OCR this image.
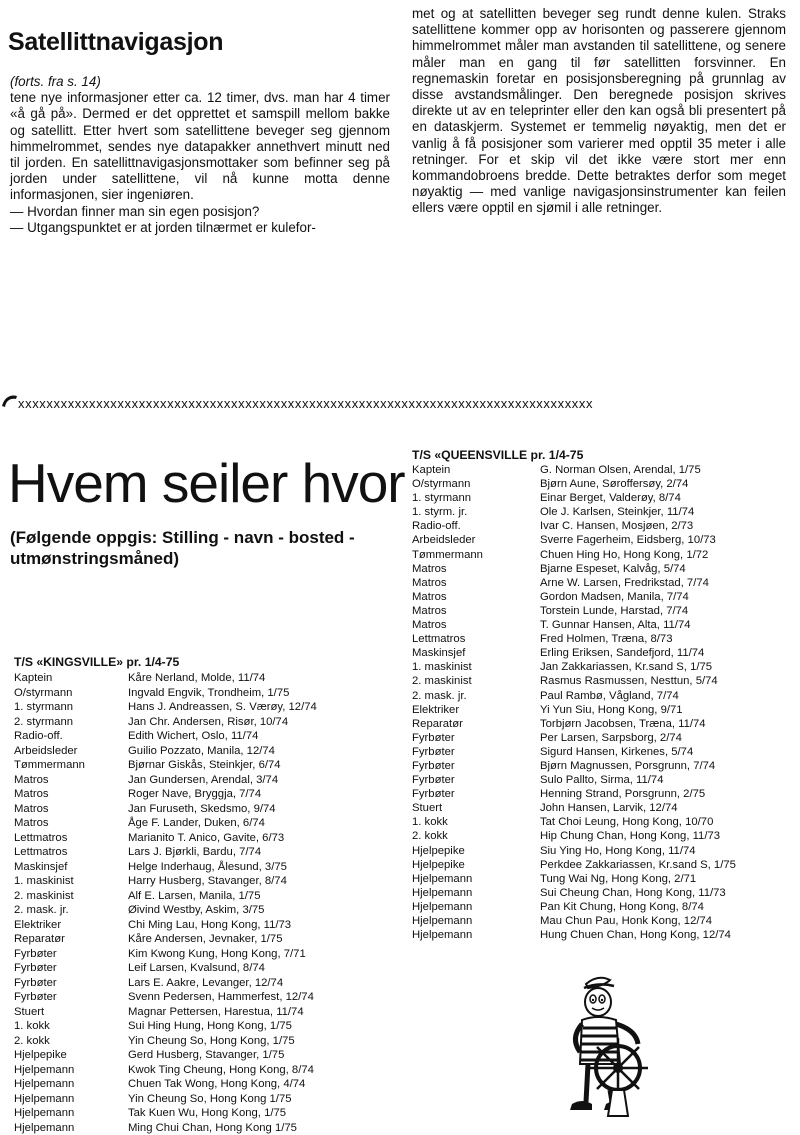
Satellittnavigasjon

(forts. fra s. 14)

tene nye informasjoner etter ca. 12 timer, dvs. man har 4 timer «å gå på». Dermed er det opprettet et samspill mellom bakke og satellitt. Etter hvert som satellittene beveger seg gjennom himmelrommet, sendes nye datapakker annethvert minutt ned til jorden. En satellittnavigasjonsmottaker som befinner seg på jorden under satellittene, vil nå kunne motta denne informasjonen, sier ingeniøren.

— Hvordan finner man sin egen posisjon?

— Utgangspunktet er at jorden tilnærmet er kulefor-

met og at satellitten beveger seg rundt denne kulen. Straks satellittene kommer opp av horisonten og passerere gjennom himmelrommet måler man avstanden til satellittene, og senere måler man en gang til før satellitten forsvinner. En regnemaskin foretar en posisjonsberegning på grunnlag av disse avstandsmålinger. Den beregnede posisjon skrives direkte ut av en teleprinter eller den kan også bli presentert på en dataskjerm. Systemet er temmelig nøyaktig, men det er vanlig å få posisjoner som varierer med opptil 35 meter i alle retninger. For et skip vil det ikke være stort mer enn kommandobroens bredde. Dette betraktes derfor som meget nøyaktig — med vanlige navigasjonsinstrumenter kan feilen ellers være opptil en sjømil i alle retninger.

xxxxxxxxxxxxxxxxxxxxxxxxxxxxxxxxxxxxxxxxxxxxxxxxxxxxxxxxxxxxxxxxxxxxxxxxxxxxxxxxx
Hvem seiler hvor
(Følgende oppgis: Stilling - navn - bosted - utmønstringsmåned)
T/S «KINGSVILLE» pr. 1/4-75
Kaptein	Kåre Nerland, Molde, 11/74
O/styrmann	Ingvald Engvik, Trondheim, 1/75
1. styrmann	Hans J. Andreassen, S. Værøy, 12/74
2. styrmann	Jan Chr. Andersen, Risør, 10/74
Radio-off.	Edith Wichert, Oslo, 11/74
Arbeidsleder	Guilio Pozzato, Manila, 12/74
Tømmermann	Bjørnar Giskås, Steinkjer, 6/74
Matros	Jan Gundersen, Arendal, 3/74
Matros	Roger Nave, Bryggja, 7/74
Matros	Jan Furuseth, Skedsmo, 9/74
Matros	Åge F. Lander, Duken, 6/74
Lettmatros	Marianito T. Anico, Gavite, 6/73
Lettmatros	Lars J. Bjørkli, Bardu, 7/74
Maskinsjef	Helge Inderhaug, Ålesund, 3/75
1. maskinist	Harry Husberg, Stavanger, 8/74
2. maskinist	Alf E. Larsen, Manila, 1/75
2. mask. jr.	Øivind Westby, Askim, 3/75
Elektriker	Chi Ming Lau, Hong Kong, 11/73
Reparatør	Kåre Andersen, Jevnaker, 1/75
Fyrbøter	Kim Kwong Kung, Hong Kong, 7/71
Fyrbøter	Leif Larsen, Kvalsund, 8/74
Fyrbøter	Lars E. Aakre, Levanger, 12/74
Fyrbøter	Svenn Pedersen, Hammerfest, 12/74
Stuert	Magnar Pettersen, Harestua, 11/74
1. kokk	Sui Hing Hung, Hong Kong, 1/75
2. kokk	Yin Cheung So, Hong Kong, 1/75
Hjelpepike	Gerd Husberg, Stavanger, 1/75
Hjelpemann	Kwok Ting Cheung, Hong Kong, 8/74
Hjelpemann	Chuen Tak Wong, Hong Kong, 4/74
Hjelpemann	Yin Cheung So, Hong Kong 1/75
Hjelpemann	Tak Kuen Wu, Hong Kong, 1/75
Hjelpemann	Ming Chui Chan, Hong Kong 1/75
T/S «QUEENSVILLE pr. 1/4-75
Kaptein	G. Norman Olsen, Arendal, 1/75
O/styrmann	Bjørn Aune, Søroffersøy, 2/74
1. styrmann	Einar Berget, Valderøy, 8/74
1. styrm. jr.	Ole J. Karlsen, Steinkjer, 11/74
Radio-off.	Ivar C. Hansen, Mosjøen, 2/73
Arbeidsleder	Sverre Fagerheim, Eidsberg, 10/73
Tømmermann	Chuen Hing Ho, Hong Kong, 1/72
Matros	Bjarne Espeset, Kalvåg, 5/74
Matros	Arne W. Larsen, Fredrikstad, 7/74
Matros	Gordon Madsen, Manila, 7/74
Matros	Torstein Lunde, Harstad, 7/74
Matros	T. Gunnar Hansen, Alta, 11/74
Lettmatros	Fred Holmen, Træna, 8/73
Maskinsjef	Erling Eriksen, Sandefjord, 11/74
1. maskinist	Jan Zakkariassen, Kr.sand S, 1/75
2. maskinist	Rasmus Rasmussen, Nesttun, 5/74
2. mask. jr.	Paul Rambø, Vågland, 7/74
Elektriker	Yi Yun Siu, Hong Kong, 9/71
Reparatør	Torbjørn Jacobsen, Træna, 11/74
Fyrbøter	Per Larsen, Sarpsborg, 2/74
Fyrbøter	Sigurd Hansen, Kirkenes, 5/74
Fyrbøter	Bjørn Magnussen, Porsgrunn, 7/74
Fyrbøter	Sulo Pallto, Sirma, 11/74
Fyrbøter	Henning Strand, Porsgrunn, 2/75
Stuert	John Hansen, Larvik, 12/74
1. kokk	Tat Choi Leung, Hong Kong, 10/70
2. kokk	Hip Chung Chan, Hong Kong, 11/73
Hjelpepike	Siu Ying Ho, Hong Kong, 11/74
Hjelpepike	Perkdee Zakkariassen, Kr.sand S, 1/75
Hjelpemann	Tung Wai Ng, Hong Kong, 2/71
Hjelpemann	Sui Cheung Chan, Hong Kong, 11/73
Hjelpemann	Pan Kit Chung, Hong Kong, 8/74
Hjelpemann	Mau Chun Pau, Honk Kong, 12/74
Hjelpemann	Hung Chuen Chan, Hong Kong, 12/74
